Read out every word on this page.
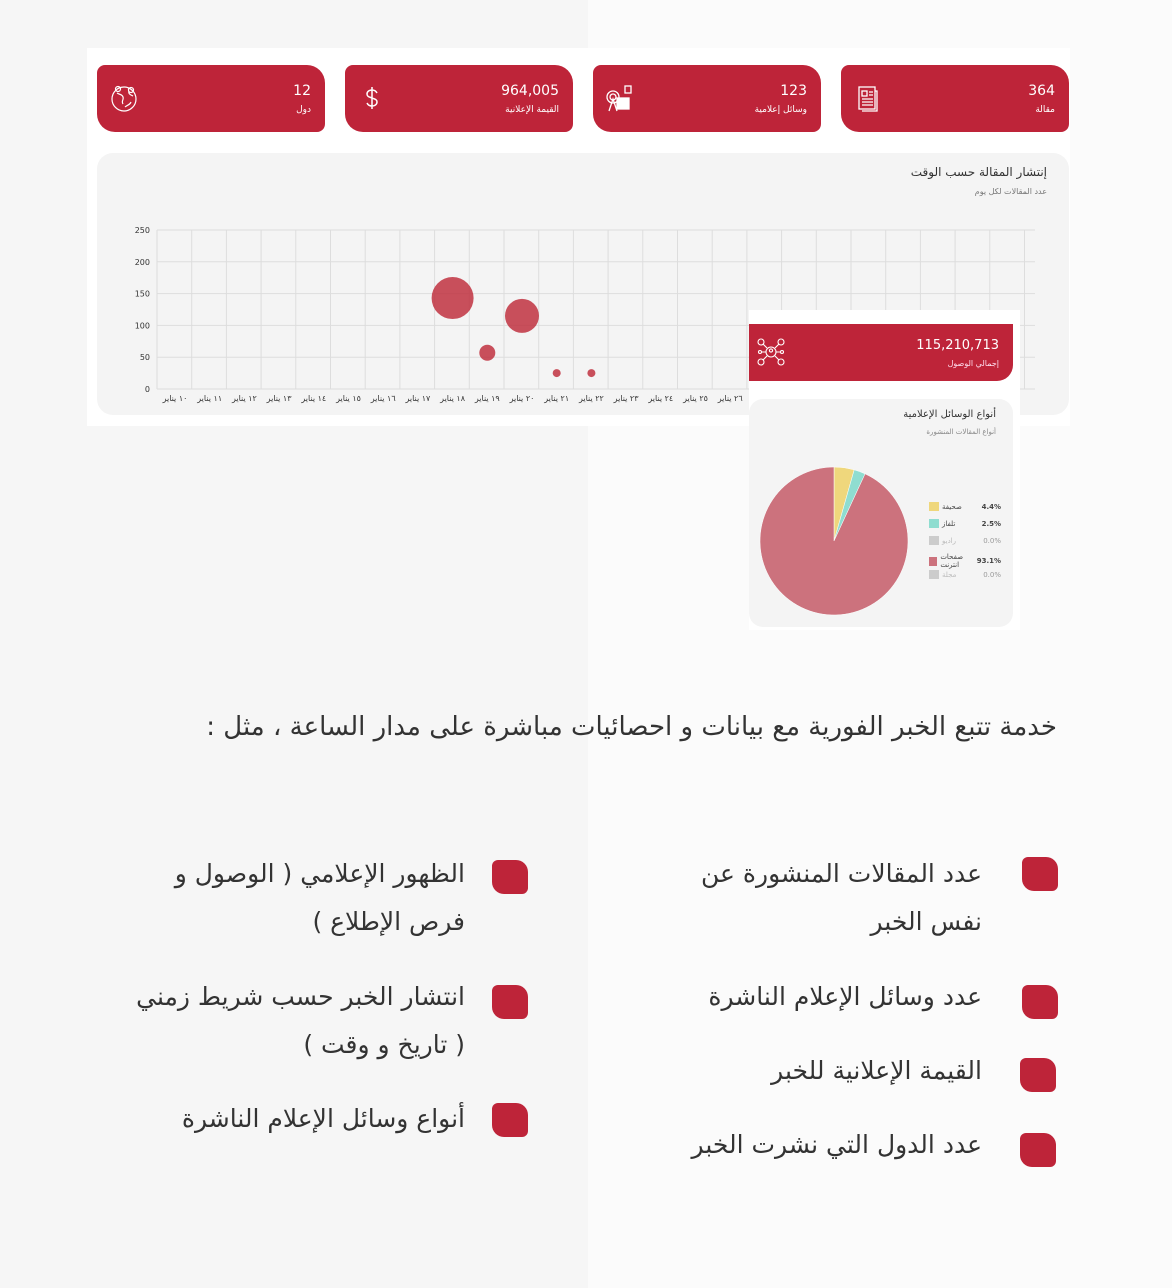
364
مقالة
123
وسائل إعلامية
964,005
القيمة الإعلانية
12
دول
إنتشار المقالة حسب الوقت
عدد المقالات لكل يوم
0
50
100
150
200
250
١٠ يناير ١١ يناير ١٢ يناير ١٣ يناير ١٤ يناير ١٥ يناير ١٦ يناير ١٧ يناير ١٨ يناير ١٩ يناير ٢٠ يناير ٢١ يناير ٢٢ يناير ٢٣ يناير ٢٤ يناير ٢٥ يناير ٢٦ يناير
115,210,713
إجمالي الوصول
أنواع الوسائل الإعلامية
أنواع المقالات المنشورة
صحيفة	4.4%
تلفاز	2.5%
راديو	0.0%
صفحات انترنت	93.1%
مجلة	0.0%
خدمة تتبع الخبر الفورية مع بيانات و احصائيات مباشرة على مدار الساعة ، مثل :
عدد المقالات المنشورة عن نفس الخبر
عدد وسائل الإعلام الناشرة
القيمة الإعلانية للخبر
عدد الدول التي نشرت الخبر
الظهور الإعلامي ( الوصول و فرص الإطلاع )
انتشار الخبر حسب شريط زمني ( تاريخ و وقت )
أنواع وسائل الإعلام الناشرة
